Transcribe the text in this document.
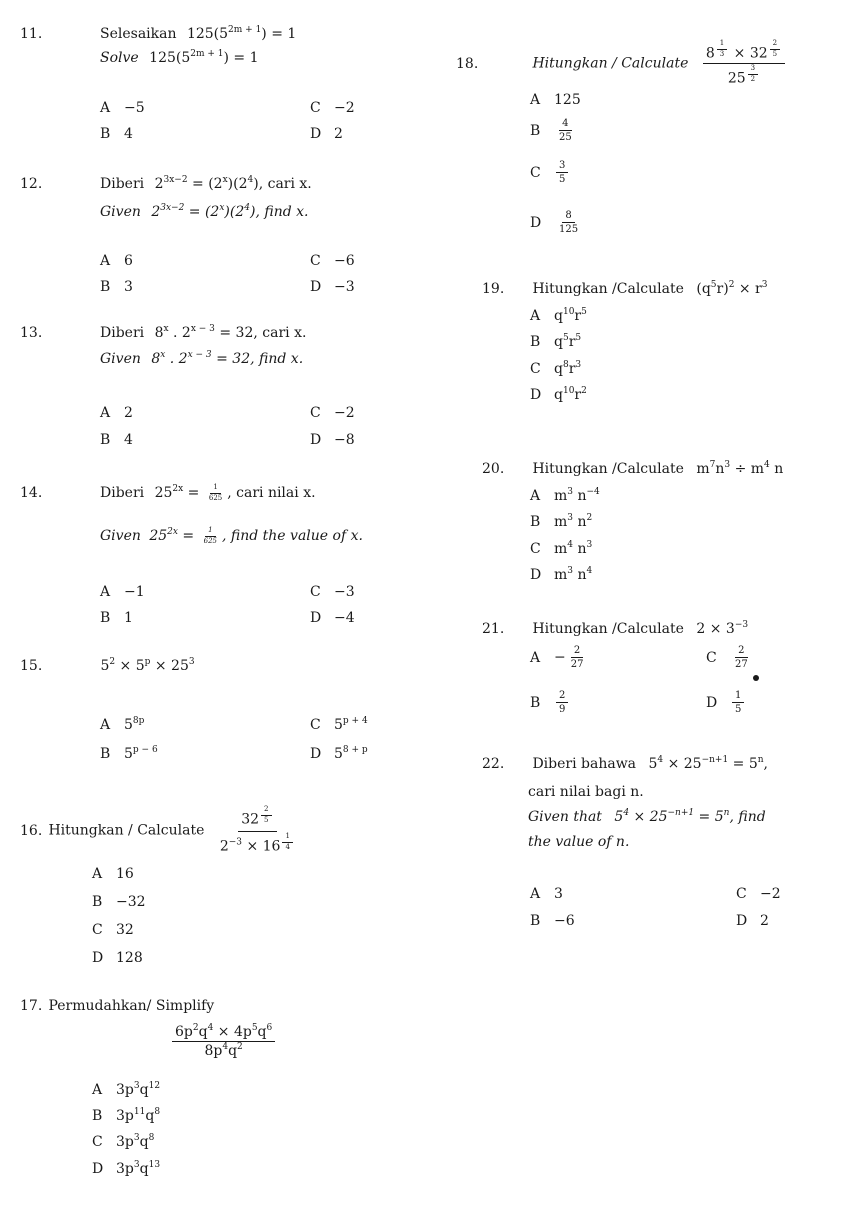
11.	Selesaikan $125(5^{2m + 1}) = 1$
Solve $125(5^{2m + 1}) = 1$
A −5
B 4
C −2
D 2
12.	Diberi $2^{3x-2} = (2^x)(2^4)$, cari x.
Given $2^{3x-2} = (2^x)(2^4)$, find x.
A 6
B 3
C −6
D −3
13.	Diberi 8$^x$ . $2^{x - 3} = 32$, cari x.
Given 8$^x$ . $2^{x - 3} = 32$, find x.
A 2
B 4
C −2
D −8
14.	Diberi $25^{2x} = \frac{1}{625}$ , cari nilai x.
Given $25^{2x} = \frac{1}{625}$ , find the value of x.
A −1
B 1
C −3
D −4
15.	$5^2 \times 5^p \times 25^3$
A $5^{8p}$
B $5^{p - 6}$
C $5^{p + 4}$
D $5^{8 + p}$
16. Hitungkan / Calculate 32 $^{\frac{2}{5}}$
$2^{-3} \times 16$ $^{\frac{1}{4}}$
A 16
B −32
C 32
D 128
17. Permudahkan/ Simplify
$\frac{6p^2q^4 \times 4p^5q^6}{8p^4q^2}$
A $3p^3q^{12}$
B $3p^{11}q^8$
C $3p^3q^8$
D $3p^3q^{13}$
18.	Hitungkan / Calculate 8 $^{\frac{1}{3}}$ × 32 $^{\frac{2}{5}}$
25 $^{\frac{3}{2}}$
A 125
B $\frac{4}{25}$
C $\frac{3}{5}$
D $\frac{8}{125}$
19. Hitungkan /Calculate $(q^5r)^2 \times r^3$
A $q^{10}r^5$
B $q^5r^5$
C $q^8r^3$
D $q^{10}r^2$
20. Hitungkan /Calculate $m^7n^3 \div m^4$ n
A $m^3$ $n^{-4}$
B $m^3$ $n^2$
C $m^4$ $n^3$
D $m^3$ $n^4$
21. Hitungkan /Calculate $2 \times 3^{-3}$
$A - \frac{2}{27}$
B $\frac{2}{9}$
C $\frac{2}{27}$
D $\frac{1}{5}$
22. Diberi bahawa $5^4 \times 25^{-n+1} = 5^n$,
cari nilai bagi n.
Given that $5^4 \times 25^{-n+1} = 5^n$, find
the value of n.
A 3
B −6
C −2
D 2
